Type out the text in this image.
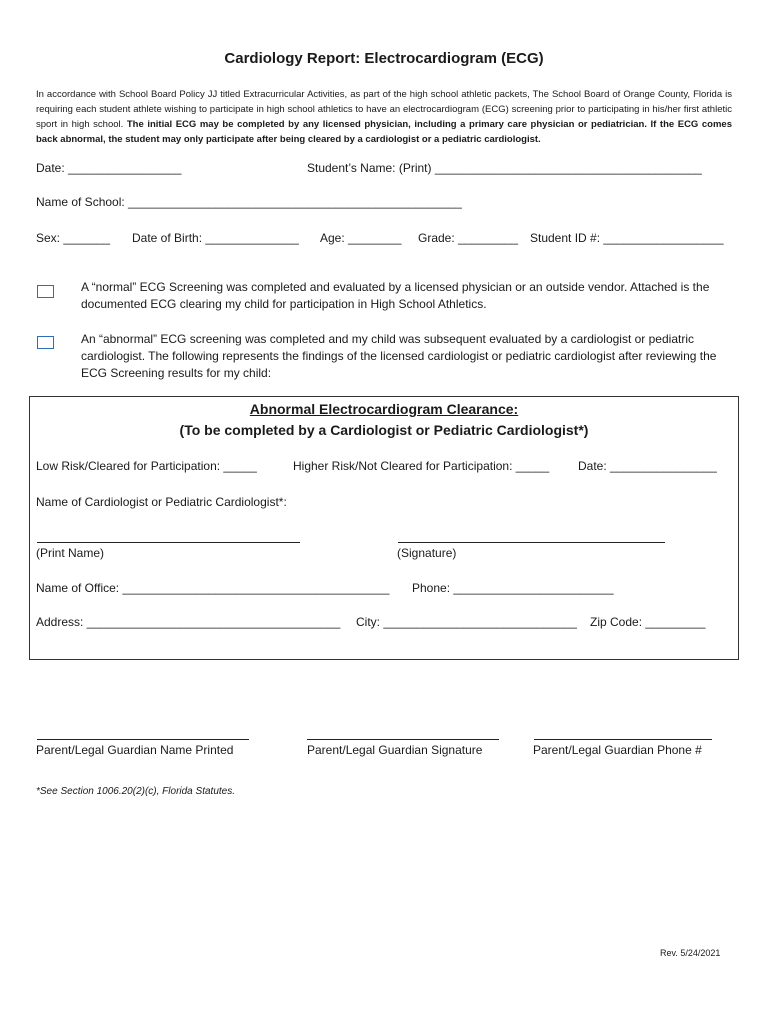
Cardiology Report: Electrocardiogram (ECG)
In accordance with School Board Policy JJ titled Extracurricular Activities, as part of the high school athletic packets, The School Board of Orange County, Florida is requiring each student athlete wishing to participate in high school athletics to have an electrocardiogram (ECG) screening prior to participating in his/her first athletic sport in high school. The initial ECG may be completed by any licensed physician, including a primary care physician or pediatrician. If the ECG comes back abnormal, the student may only participate after being cleared by a cardiologist or a pediatric cardiologist.
Date: _________________	Student’s Name: (Print) ________________________________________
Name of School: __________________________________________________
Sex: _______ Date of Birth: ______________ Age: ________ Grade: _________ Student ID #: __________________
A “normal” ECG Screening was completed and evaluated by a licensed physician or an outside vendor. Attached is the documented ECG clearing my child for participation in High School Athletics.
An “abnormal” ECG screening was completed and my child was subsequent evaluated by a cardiologist or pediatric cardiologist. The following represents the findings of the licensed cardiologist or pediatric cardiologist after reviewing the ECG Screening results for my child:
Abnormal Electrocardiogram Clearance:
(To be completed by a Cardiologist or Pediatric Cardiologist*)
Low Risk/Cleared for Participation: _____	Higher Risk/Not Cleared for Participation: _____ Date: ________________
Name of Cardiologist or Pediatric Cardiologist*:
(Print Name)	(Signature)
Name of Office: ________________________________________ Phone: ________________________
Address: ______________________________________ City: _____________________________ Zip Code: _________
Parent/Legal Guardian Name Printed	Parent/Legal Guardian Signature	Parent/Legal Guardian Phone #
*See Section 1006.20(2)(c), Florida Statutes.
Rev. 5/24/2021
